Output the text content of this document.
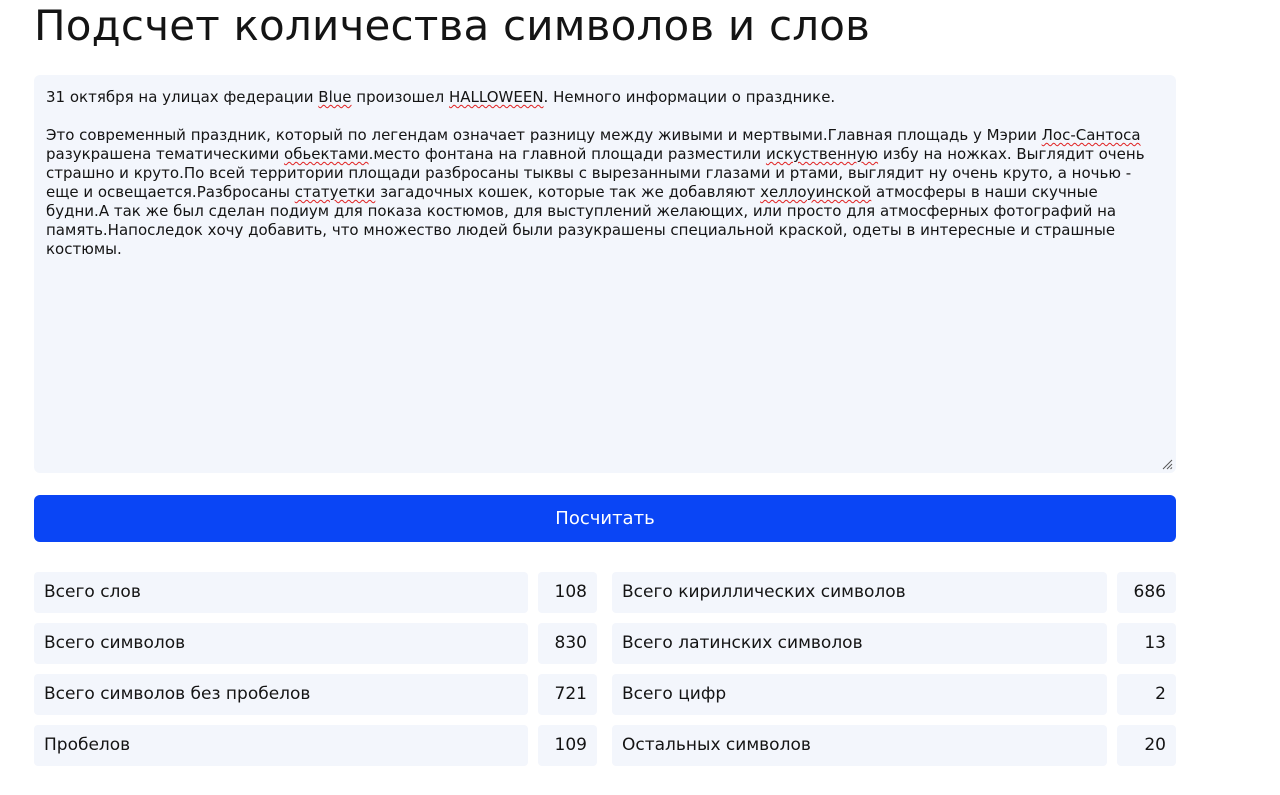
Подсчет количества символов и слов

31 октября на улицах федерации Blue произошел HALLOWEEN. Немного информации о празднике.

Это современный праздник, который по легендам означает разницу между живыми и мертвыми.Главная площадь у Мэрии Лос-Сантоса разукрашена тематическими обьектами.место фонтана на главной площади разместили искуственную избу на ножках. Выглядит очень страшно и круто.По всей территории площади разбросаны тыквы с вырезанными глазами и ртами, выглядит ну очень круто, а ночью - еще и освещается.Разбросаны статуетки загадочных кошек, которые так же добавляют хеллоуинской атмосферы в наши скучные будни.А так же был сделан подиум для показа костюмов, для выступлений желающих, или просто для атмосферных фотографий на память.Напоследок хочу добавить, что множество людей были разукрашены специальной краской, одеты в интересные и страшные костюмы.

Посчитать
Всего слов	108	Всего кириллических символов	686
Всего символов	830	Всего латинских символов	13
Всего символов без пробелов	721	Всего цифр	2
Пробелов	109	Остальных символов	20
